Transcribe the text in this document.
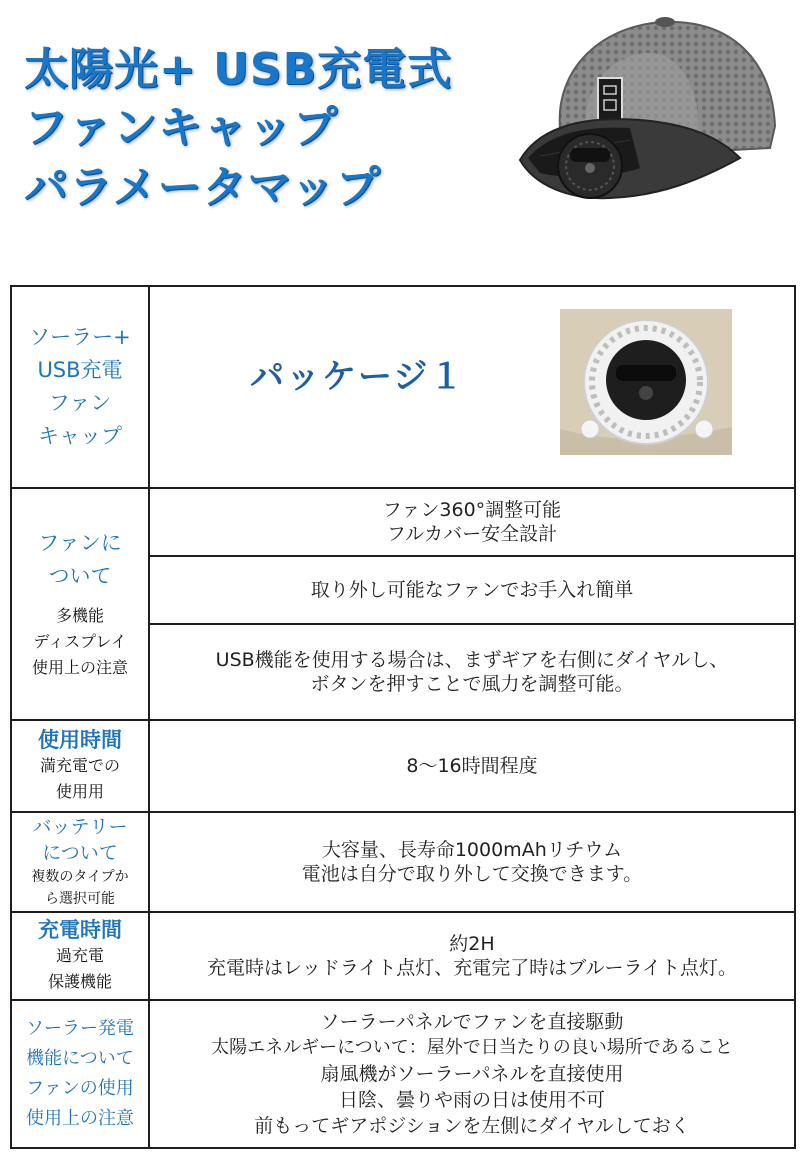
太陽光+ USB充電式
ファンキャップ
パラメータマップ
ソーラー+
USB充電
ファン
キャップ	パッケージ１

ファンに
ついて
多機能
ディスプレイ
使用上の注意	ファン360°調整可能
フルカバー安全設計

	取り外し可能なファンでお手入れ簡単

	USB機能を使用する場合は、まずギアを右側にダイヤルし、
ボタンを押すことで風力を調整可能。

使用時間
満充電での
使用用	8～16時間程度

バッテリー
について
複数のタイプか
ら選択可能	大容量、長寿命1000mAhリチウム
電池は自分で取り外して交換できます。

充電時間
過充電
保護機能	約2H
充電時はレッドライト点灯、充電完了時はブルーライト点灯。

ソーラー発電
機能について
ファンの使用
使用上の注意	ソーラーパネルでファンを直接駆動
太陽エネルギーについて：屋外で日当たりの良い場所であること
扇風機がソーラーパネルを直接使用
日陰、曇りや雨の日は使用不可
前もってギアポジションを左側にダイヤルしておく
